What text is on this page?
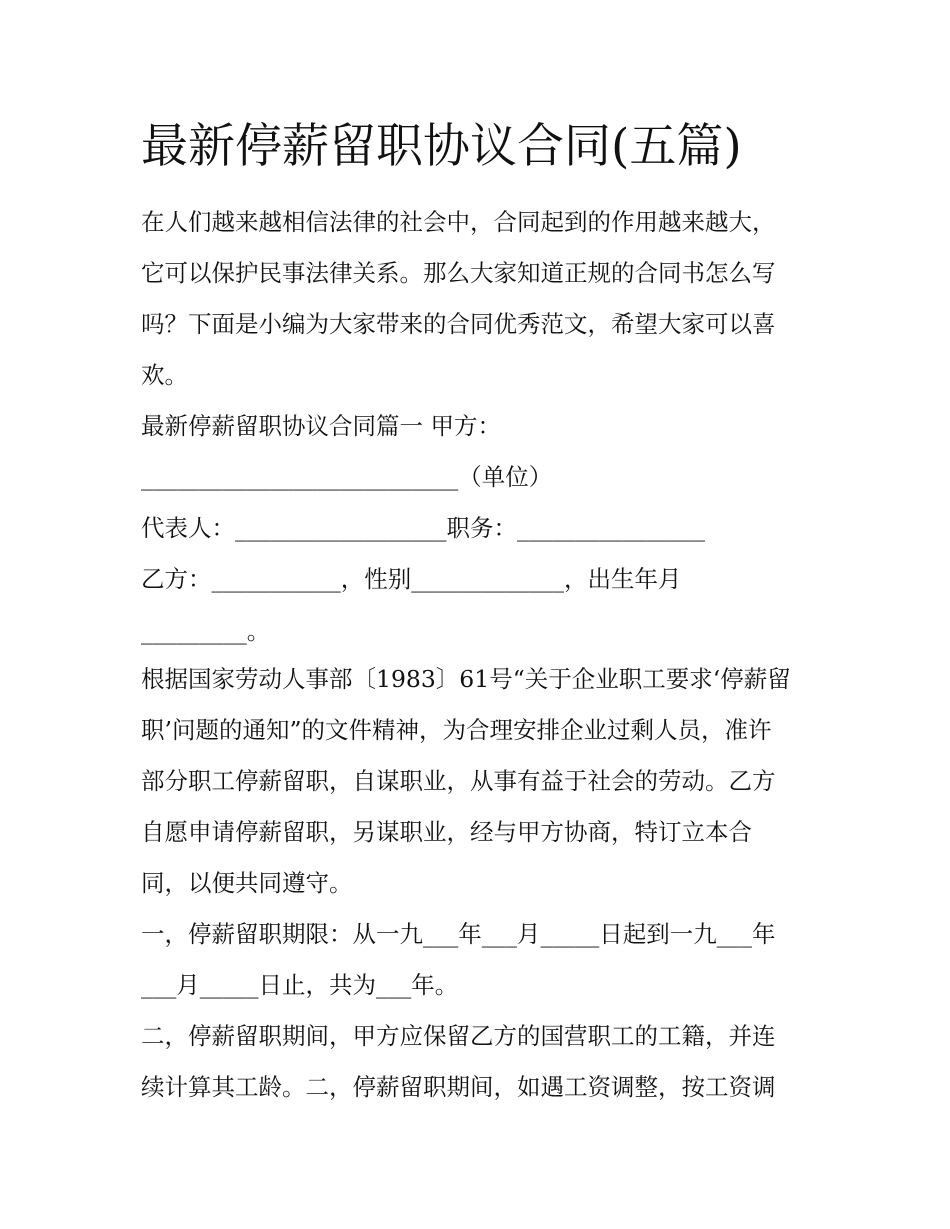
最新停薪留职协议合同(五篇)

在人们越来越相信法律的社会中，合同起到的作用越来越大，

它可以保护民事法律关系。那么大家知道正规的合同书怎么写

吗？下面是小编为大家带来的合同优秀范文，希望大家可以喜

欢。

最新停薪留职协议合同篇一 甲方：

___________________________（单位）

代表人：__________________职务：________________

乙方：___________，性别_____________，出生年月

_________。

根据国家劳动人事部〔1983〕61号“关于企业职工要求‘停薪留

职’问题的通知”的文件精神，为合理安排企业过剩人员，准许

部分职工停薪留职，自谋职业，从事有益于社会的劳动。乙方

自愿申请停薪留职，另谋职业，经与甲方协商，特订立本合

同，以便共同遵守。

一，停薪留职期限：从一九___年___月_____日起到一九___年

___月_____日止，共为___年。

二，停薪留职期间，甲方应保留乙方的国营职工的工籍，并连

续计算其工龄。二，停薪留职期间，如遇工资调整，按工资调
